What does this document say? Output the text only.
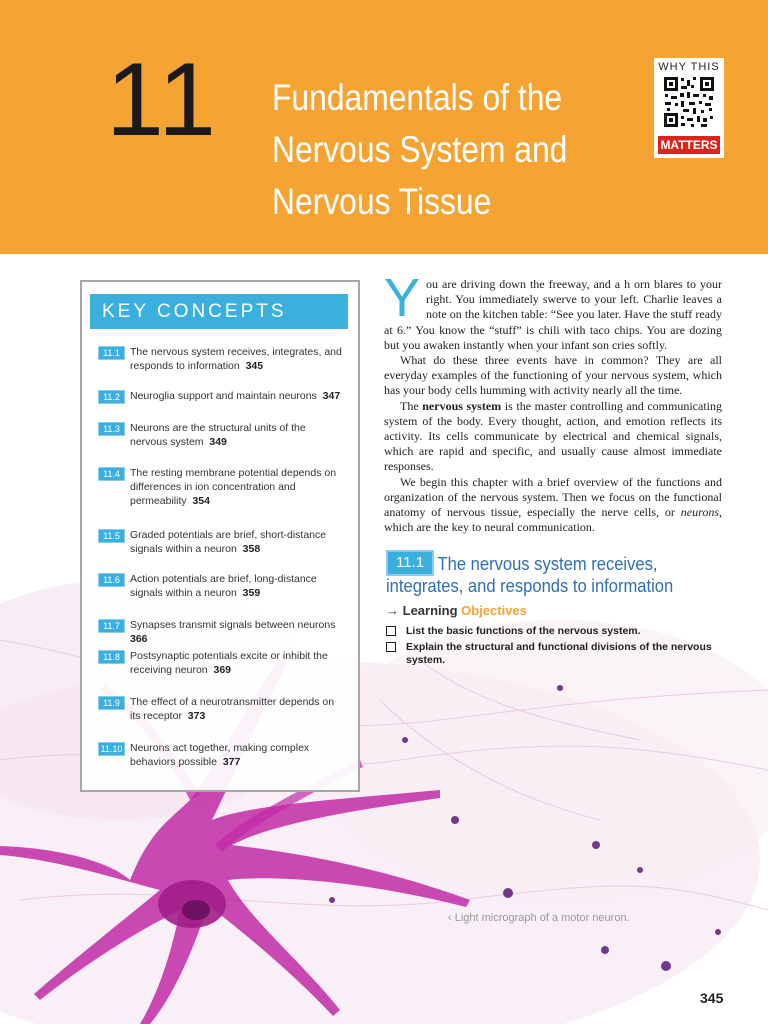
11 Fundamentals of the Nervous System and Nervous Tissue
WHY THIS
MATTERS
KEY CONCEPTS
11.1 The nervous system receives, integrates, and responds to information 345
11.2 Neuroglia support and maintain neurons 347
11.3 Neurons are the structural units of the nervous system 349
11.4 The resting membrane potential depends on differences in ion concentration and permeability 354
11.5 Graded potentials are brief, short-distance signals within a neuron 358
11.6 Action potentials are brief, long-distance signals within a neuron 359
11.7 Synapses transmit signals between neurons  366
11.8 Postsynaptic potentials excite or inhibit the receiving neuron 369
11.9 The effect of a neurotransmitter depends on its receptor 373
11.10 Neurons act together, making complex behaviors possible 377

You are driving down the freeway, and a h orn blares to your right. You immediately swerve to your left. Charlie leaves a note on the kitchen table: “See you later. Have the stuff ready at 6.” You know the “stuff” is chili with taco chips. You are dozing but you awaken instantly when your infant son cries softly.

What do these three events have in common? They are all everyday examples of the functioning of your nervous system, which has your body cells humming with activity nearly all the time.

The nervous system is the master controlling and communicating system of the body. Every thought, action, and emotion reflects its activity. Its cells communicate by electrical and chemical signals, which are rapid and specific, and usually cause almost immediate responses.

We begin this chapter with a brief overview of the functions and organization of the nervous system. Then we focus on the functional anatomy of nervous tissue, especially the nerve cells, or neurons, which are the key to neural communication.

The nervous system receives, integrates, and responds to information
11.1
→ Learning Objectives
List the basic functions of the nervous system.
Explain the structural and functional divisions of the nervous system.
‹ Light micrograph of a motor neuron.
345
